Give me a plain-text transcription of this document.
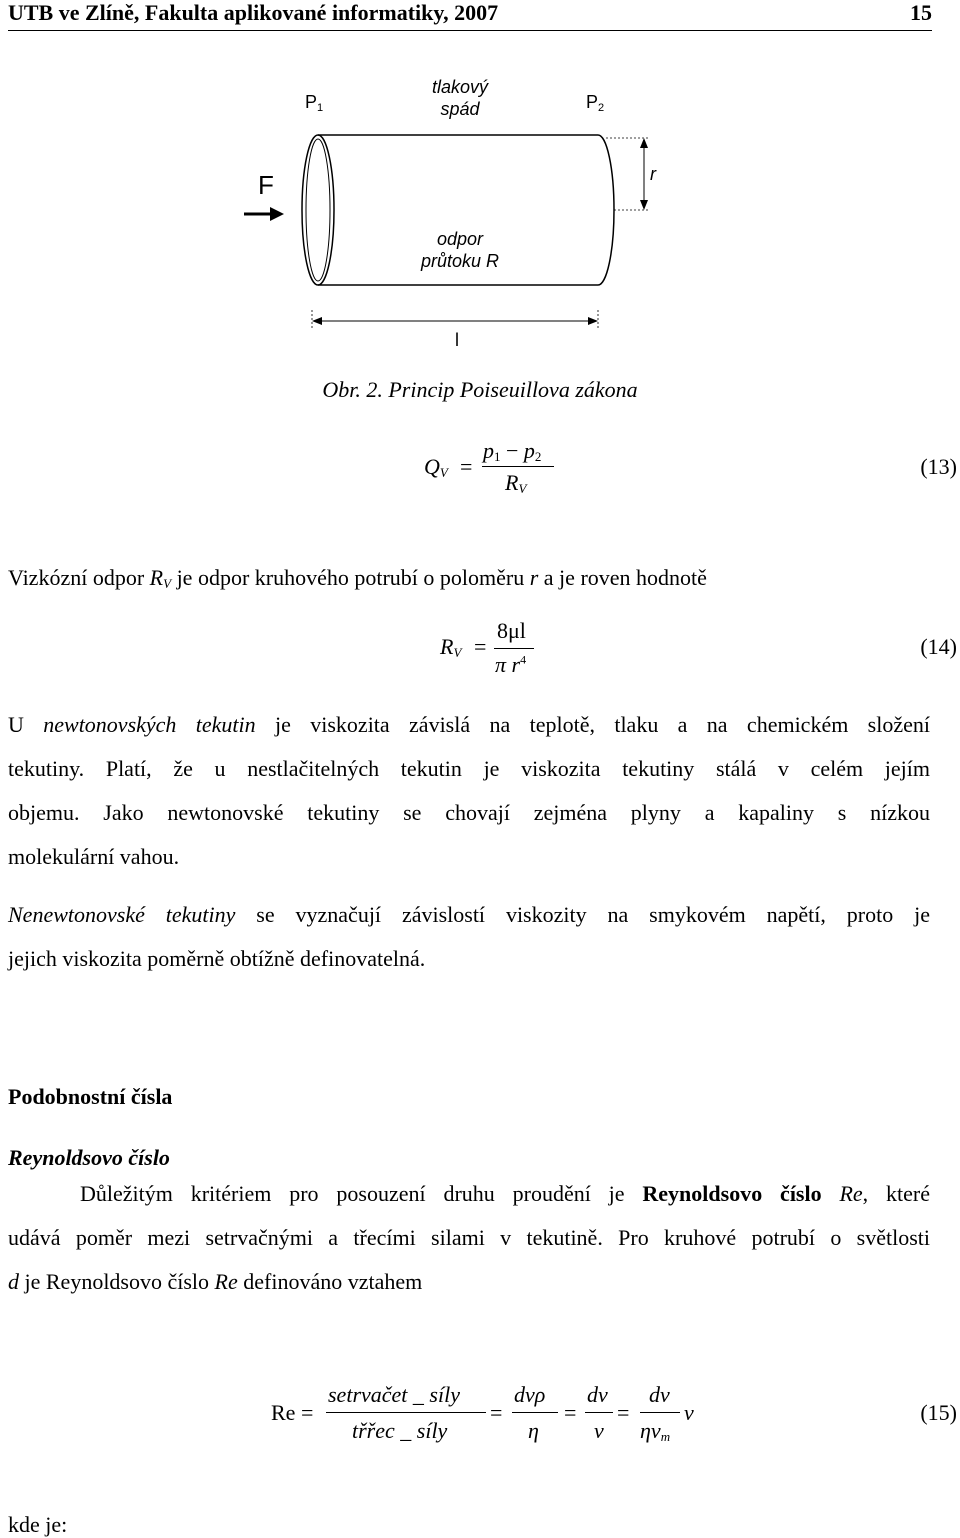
UTB ve Zlíně, Fakulta aplikované informatiky, 2007	15
$P_1$	$P_2$
tlakový
spád
F	r
odpor
průtoku R
l
Obr. 2. Princip Poiseuillova zákona
$Q_V$ =
$p_1 - p_2$
$R_V$
(13)
Vizkózní odpor $R_V$ je odpor kruhového potrubí o poloměru r a je roven hodnotě
$R_V$ =
8μl
π $r^4$
(14)
U newtonovských tekutin je viskozita závislá na teplotě, tlaku a na chemickém složení
tekutiny. Platí, že u nestlačitelných tekutin je viskozita tekutiny stálá v celém jejím
objemu. Jako newtonovské tekutiny se chovají zejména plyny a kapaliny s nízkou
molekulární vahou.
Nenewtonovské tekutiny se vyznačují závislostí viskozity na smykovém napětí, proto je
jejich viskozita poměrně obtížně definovatelná.
Podobnostní čísla
Reynoldsovo číslo
Důležitým kritériem pro posouzení druhu proudění je Reynoldsovo číslo Re, které
udává poměr mezi setrvačnými a třecími silami v tekutině. Pro kruhové potrubí o světlosti
d je Reynoldsovo číslo Re definováno vztahem
Re =
setrvačet _ síly
třřec _ síly
=
dvρ
η
=
dv
ν
=
dv
$\eta v_m$
v	(15)
kde je:
